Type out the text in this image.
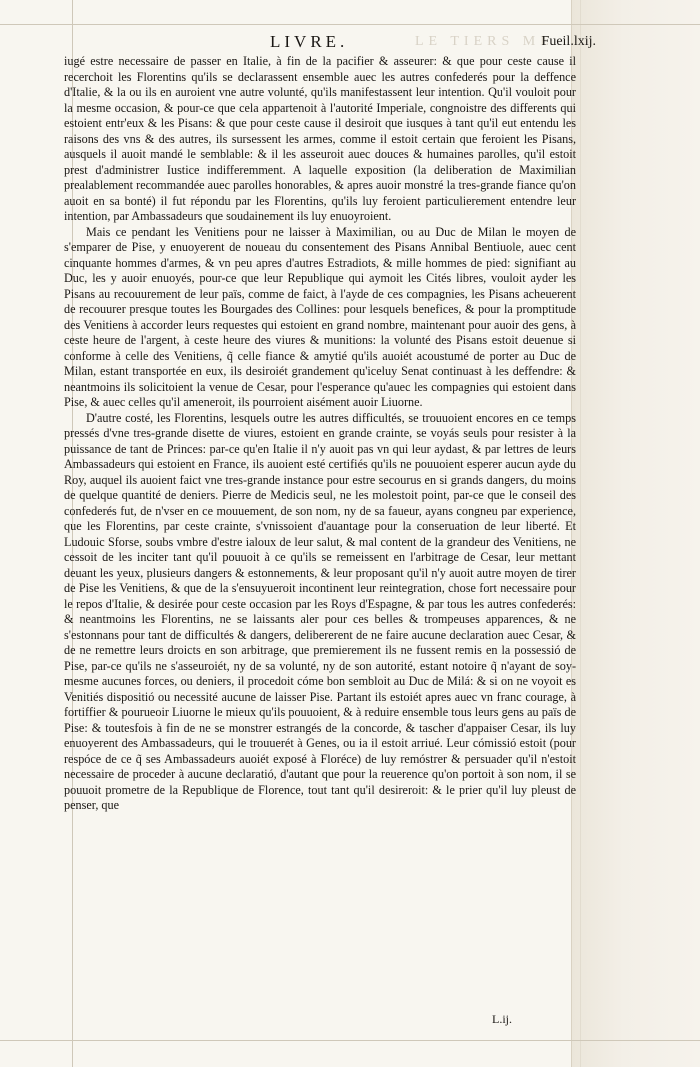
LIVRE.	LE TIERS ME
Fueil.lxij.

iugé estre necessaire de passer en Italie, à fin de la pacifier & asseurer: & que pour ceste cause il recerchoit les Florentins qu'ils se declarassent ensemble auec les autres confederés pour la deffence d'Italie, & la ou ils en auroient vne autre volunté, qu'ils manifestassent leur intention. Qu'il vouloit pour la mesme occasion, & pour-ce que cela appartenoit à l'autorité Imperiale, congnoistre des differents qui estoient entr'eux & les Pisans: & que pour ceste cause il desiroit que iusques à tant qu'il eut entendu les raisons des vns & des autres, ils sursessent les armes, comme il estoit certain que feroient les Pisans, ausquels il auoit mandé le semblable: & il les asseuroit auec douces & humaines parolles, qu'il estoit prest d'administrer Iustice indifferemment. A laquelle exposition (la deliberation de Maximilian prealablement recommandée auec parolles honorables, & apres auoir monstré la tres-grande fiance qu'on auoit en sa bonté) il fut répondu par les Florentins, qu'ils luy feroient particulierement entendre leur intention, par Ambassadeurs que soudainement ils luy enuoyroient.

Mais ce pendant les Venitiens pour ne laisser à Maximilian, ou au Duc de Milan le moyen de s'emparer de Pise, y enuoyerent de noueau du consentement des Pisans Annibal Bentiuole, auec cent cinquante hommes d'armes, & vn peu apres d'autres Estradiots, & mille hommes de pied: signifiant au Duc, les y auoir enuoyés, pour-ce que leur Republique qui aymoit les Cités libres, vouloit ayder les Pisans au recouurement de leur païs, comme de faict, à l'ayde de ces compagnies, les Pisans acheuerent de recouurer presque toutes les Bourgades des Collines: pour lesquels benefices, & pour la promptitude des Venitiens à accorder leurs requestes qui estoient en grand nombre, maintenant pour auoir des gens, à ceste heure de l'argent, à ceste heure des viures & munitions: la volunté des Pisans estoit deuenue si conforme à celle des Venitiens, q̃ celle fiance & amytié qu'ils auoiét acoustumé de porter au Duc de Milan, estant transportée en eux, ils desiroiét grandement qu'iceluy Senat continuast à les deffendre: & neantmoins ils solicitoient la venue de Cesar, pour l'esperance qu'auec les compagnies qui estoient dans Pise, & auec celles qu'il ameneroit, ils pourroient aisément auoir Liuorne.

D'autre costé, les Florentins, lesquels outre les autres difficultés, se trouuoient encores en ce temps pressés d'vne tres-grande disette de viures, estoient en grande crainte, se voyás seuls pour resister à la puissance de tant de Princes: par-ce qu'en Italie il n'y auoit pas vn qui leur aydast, & par lettres de leurs Ambassadeurs qui estoient en France, ils auoient esté certifiés qu'ils ne pouuoient esperer aucun ayde du Roy, auquel ils auoient faict vne tres-grande instance pour estre secourus en si grands dangers, du moins de quelque quantité de deniers. Pierre de Medicis seul, ne les molestoit point, par-ce que le conseil des confederés fut, de n'vser en ce mouuement, de son nom, ny de sa faueur, ayans congneu par experience, que les Florentins, par ceste crainte, s'vnissoient d'auantage pour la conseruation de leur liberté. Et Ludouic Sforse, soubs vmbre d'estre ialoux de leur salut, & mal content de la grandeur des Venitiens, ne cessoit de les inciter tant qu'il pouuoit à ce qu'ils se remeissent en l'arbitrage de Cesar, leur mettant deuant les yeux, plusieurs dangers & estonnements, & leur proposant qu'il n'y auoit autre moyen de tirer de Pise les Venitiens, & que de la s'ensuyueroit incontinent leur reintegration, chose fort necessaire pour le repos d'Italie, & desirée pour ceste occasion par les Roys d'Espagne, & par tous les autres confederés: & neantmoins les Florentins, ne se laissants aler pour ces belles & trompeuses apparences, & ne s'estonnans pour tant de difficultés & dangers, delibererent de ne faire aucune declaration auec Cesar, & de ne remettre leurs droicts en son arbitrage, que premierement ils ne fussent remis en la possessió de Pise, par-ce qu'ils ne s'asseuroiét, ny de sa volunté, ny de son autorité, estant notoire q̃ n'ayant de soy-mesme aucunes forces, ou deniers, il procedoit cóme bon sembloit au Duc de Milá: & si on ne voyoit es Venitiés dispositió ou necessité aucune de laisser Pise. Partant ils estoiét apres auec vn franc courage, à fortiffier & pourueoir Liuorne le mieux qu'ils pouuoient, & à reduire ensemble tous leurs gens au païs de Pise: & toutesfois à fin de ne se monstrer estrangés de la concorde, & tascher d'appaiser Cesar, ils luy enuoyerent des Ambassadeurs, qui le trouuerét à Genes, ou ia il estoit arriué. Leur cómissió estoit (pour respóce de ce q̃ ses Ambassadeurs auoiét exposé à Floréce) de luy remóstrer & persuader qu'il n'estoit necessaire de proceder à aucune declaratió, d'autant que pour la reuerence qu'on portoit à son nom, il se pouuoit prometre de la Republique de Florence, tout tant qu'il desireroit: & le prier qu'il luy pleust de penser, que

L.ij.
